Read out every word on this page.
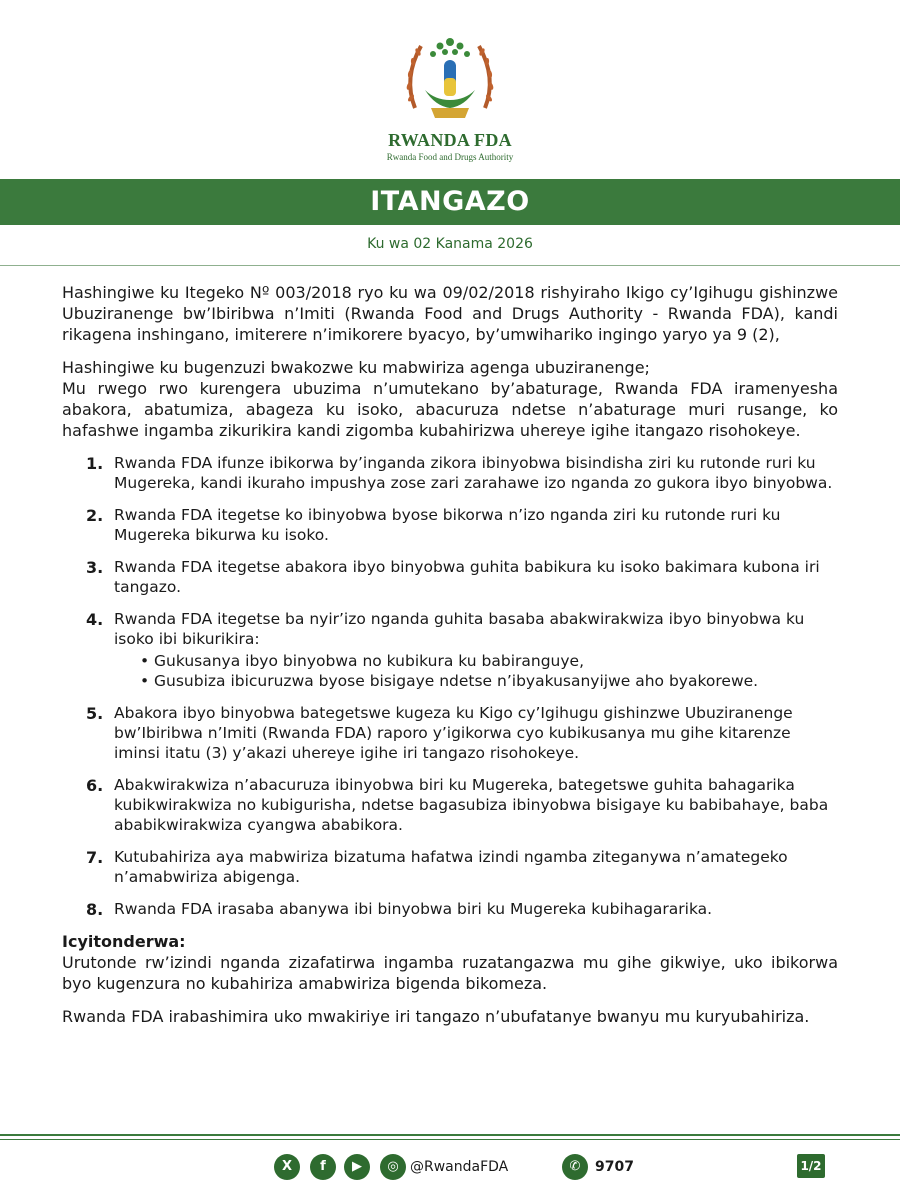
RWANDA FDA
Rwanda Food and Drugs Authority
ITANGAZO
Ku wa 02 Kanama 2026

Hashingiwe ku Itegeko Nº 003/2018 ryo ku wa 09/02/2018 rishyiraho Ikigo cy’Igihugu gishinzwe Ubuziranenge bw’Ibiribwa n’Imiti (Rwanda Food and Drugs Authority - Rwanda FDA), kandi rikagena inshingano, imiterere n’imikorere byacyo, by’umwihariko ingingo yaryo ya 9 (2),

Hashingiwe ku bugenzuzi bwakozwe ku mabwiriza agenga ubuziranenge;

Mu rwego rwo kurengera ubuzima n’umutekano by’abaturage, Rwanda FDA iramenyesha abakora, abatumiza, abageza ku isoko, abacuruza ndetse n’abaturage muri rusange, ko hafashwe ingamba zikurikira kandi zigomba kubahirizwa uhereye igihe itangazo risohokeye.

1. Rwanda FDA ifunze ibikorwa by’inganda zikora ibinyobwa bisindisha ziri ku rutonde ruri ku Mugereka, kandi ikuraho impushya zose zari zarahawe izo nganda zo gukora ibyo binyobwa.
2. Rwanda FDA itegetse ko ibinyobwa byose bikorwa n’izo nganda ziri ku rutonde ruri ku Mugereka bikurwa ku isoko.
3. Rwanda FDA itegetse abakora ibyo binyobwa guhita babikura ku isoko bakimara kubona iri tangazo.
4. Rwanda FDA itegetse ba nyir’izo nganda guhita basaba abakwirakwiza ibyo binyobwa ku isoko ibi bikurikira:
• Gukusanya ibyo binyobwa no kubikura ku babiranguye,
• Gusubiza ibicuruzwa byose bisigaye ndetse n’ibyakusanyijwe aho byakorewe.
5. Abakora ibyo binyobwa bategetswe kugeza ku Kigo cy’Igihugu gishinzwe Ubuziranenge bw’Ibiribwa n’Imiti (Rwanda FDA) raporo y’igikorwa cyo kubikusanya mu gihe kitarenze iminsi itatu (3) y’akazi uhereye igihe iri tangazo risohokeye.
6. Abakwirakwiza n’abacuruza ibinyobwa biri ku Mugereka, bategetswe guhita bahagarika kubikwirakwiza no kubigurisha, ndetse bagasubiza ibinyobwa bisigaye ku babibahaye, baba ababikwirakwiza cyangwa ababikora.
7. Kutubahiriza aya mabwiriza bizatuma hafatwa izindi ngamba ziteganywa n’amategeko n’amabwiriza abigenga.
8. Rwanda FDA irasaba abanywa ibi binyobwa biri ku Mugereka kubihagararika.
Icyitonderwa:

Urutonde rw’izindi nganda zizafatirwa ingamba ruzatangazwa mu gihe gikwiye, uko ibikorwa byo kugenzura no kubahiriza amabwiriza bigenda bikomeza.

Rwanda FDA irabashimira uko mwakiriye iri tangazo n’ubufatanye bwanyu mu kuryubahiriza.

X	f	▶	◎ @RwandaFDA	✆	9707	1/2
